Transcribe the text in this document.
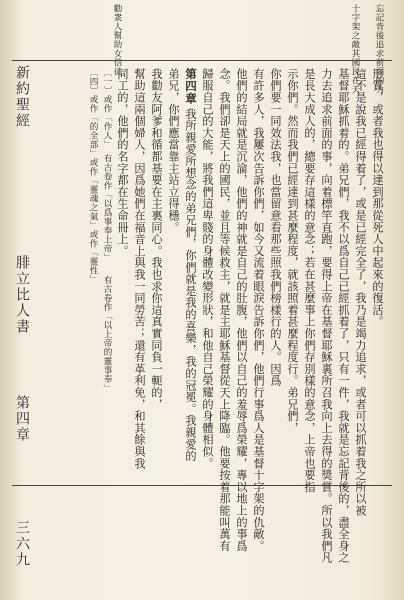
忘記背後追求前面的力
十字架之敵其國民在天
勸衆人幫助女信徒
新約聖經
腓立比人書
第四章
三六九
形質，或者我也得以達到那從死人中起來的復活。
這不是說我已經得着了，或是已經完全了，我乃是竭力追求，或者可以抓着我之所以被
基督耶穌抓着的。弟兄們，我不以爲自己已經抓着了，只有一件，我就是忘記背後的，盡全身之
力去追求前面的事，向着標竿直跑，要得上帝在基督耶穌裏所召我向上去得的獎賞。所以我們凡
是長大成人的，總要存這樣的意念；若在甚麼事上你們存別樣的意念，上帝也要指
示你們。然而我們已經達到甚麼程度，就該照着甚麼程度行。弟兄們，
你們要一同效法我，也當留意看那些照我們榜樣行的人。因爲
有許多人，我屢次告訴你們，如今又流着眼淚告訴你們，他們行事爲人是基督十字架的仇敵。
他們的結局就是沉淪，他們的神就是自己的肚腹，他們以自己的羞辱爲榮耀，專以地上的事爲
念。我們卻是天上的國民，並且等候救主，就是主耶穌基督從天上降臨。他要按着那能叫萬有
歸服自己的大能，將我們這卑賤的身體改變形狀，和他自己榮耀的身體相似。
第四章
我所親愛所想念的弟兄們，你們就是我的喜樂，我的冠冕。我親愛的
弟兄，你們應當靠主站立得穩。
我勸友阿爹和循都基要在主裏同心。我也求你這真實同負一軛的，
幫助這兩個婦人，因爲她們在福音上與我一同勞苦；還有革利免，和其餘與我
同工的，他們的名字都在生命冊上。
〔一〕或作「作人」　有古卷作「以爲事奉上帝」　　有古卷作「以上帝的靈事奉」
〔四〕或作「的全部」或作「靈魂之氣」或作「靈性」
